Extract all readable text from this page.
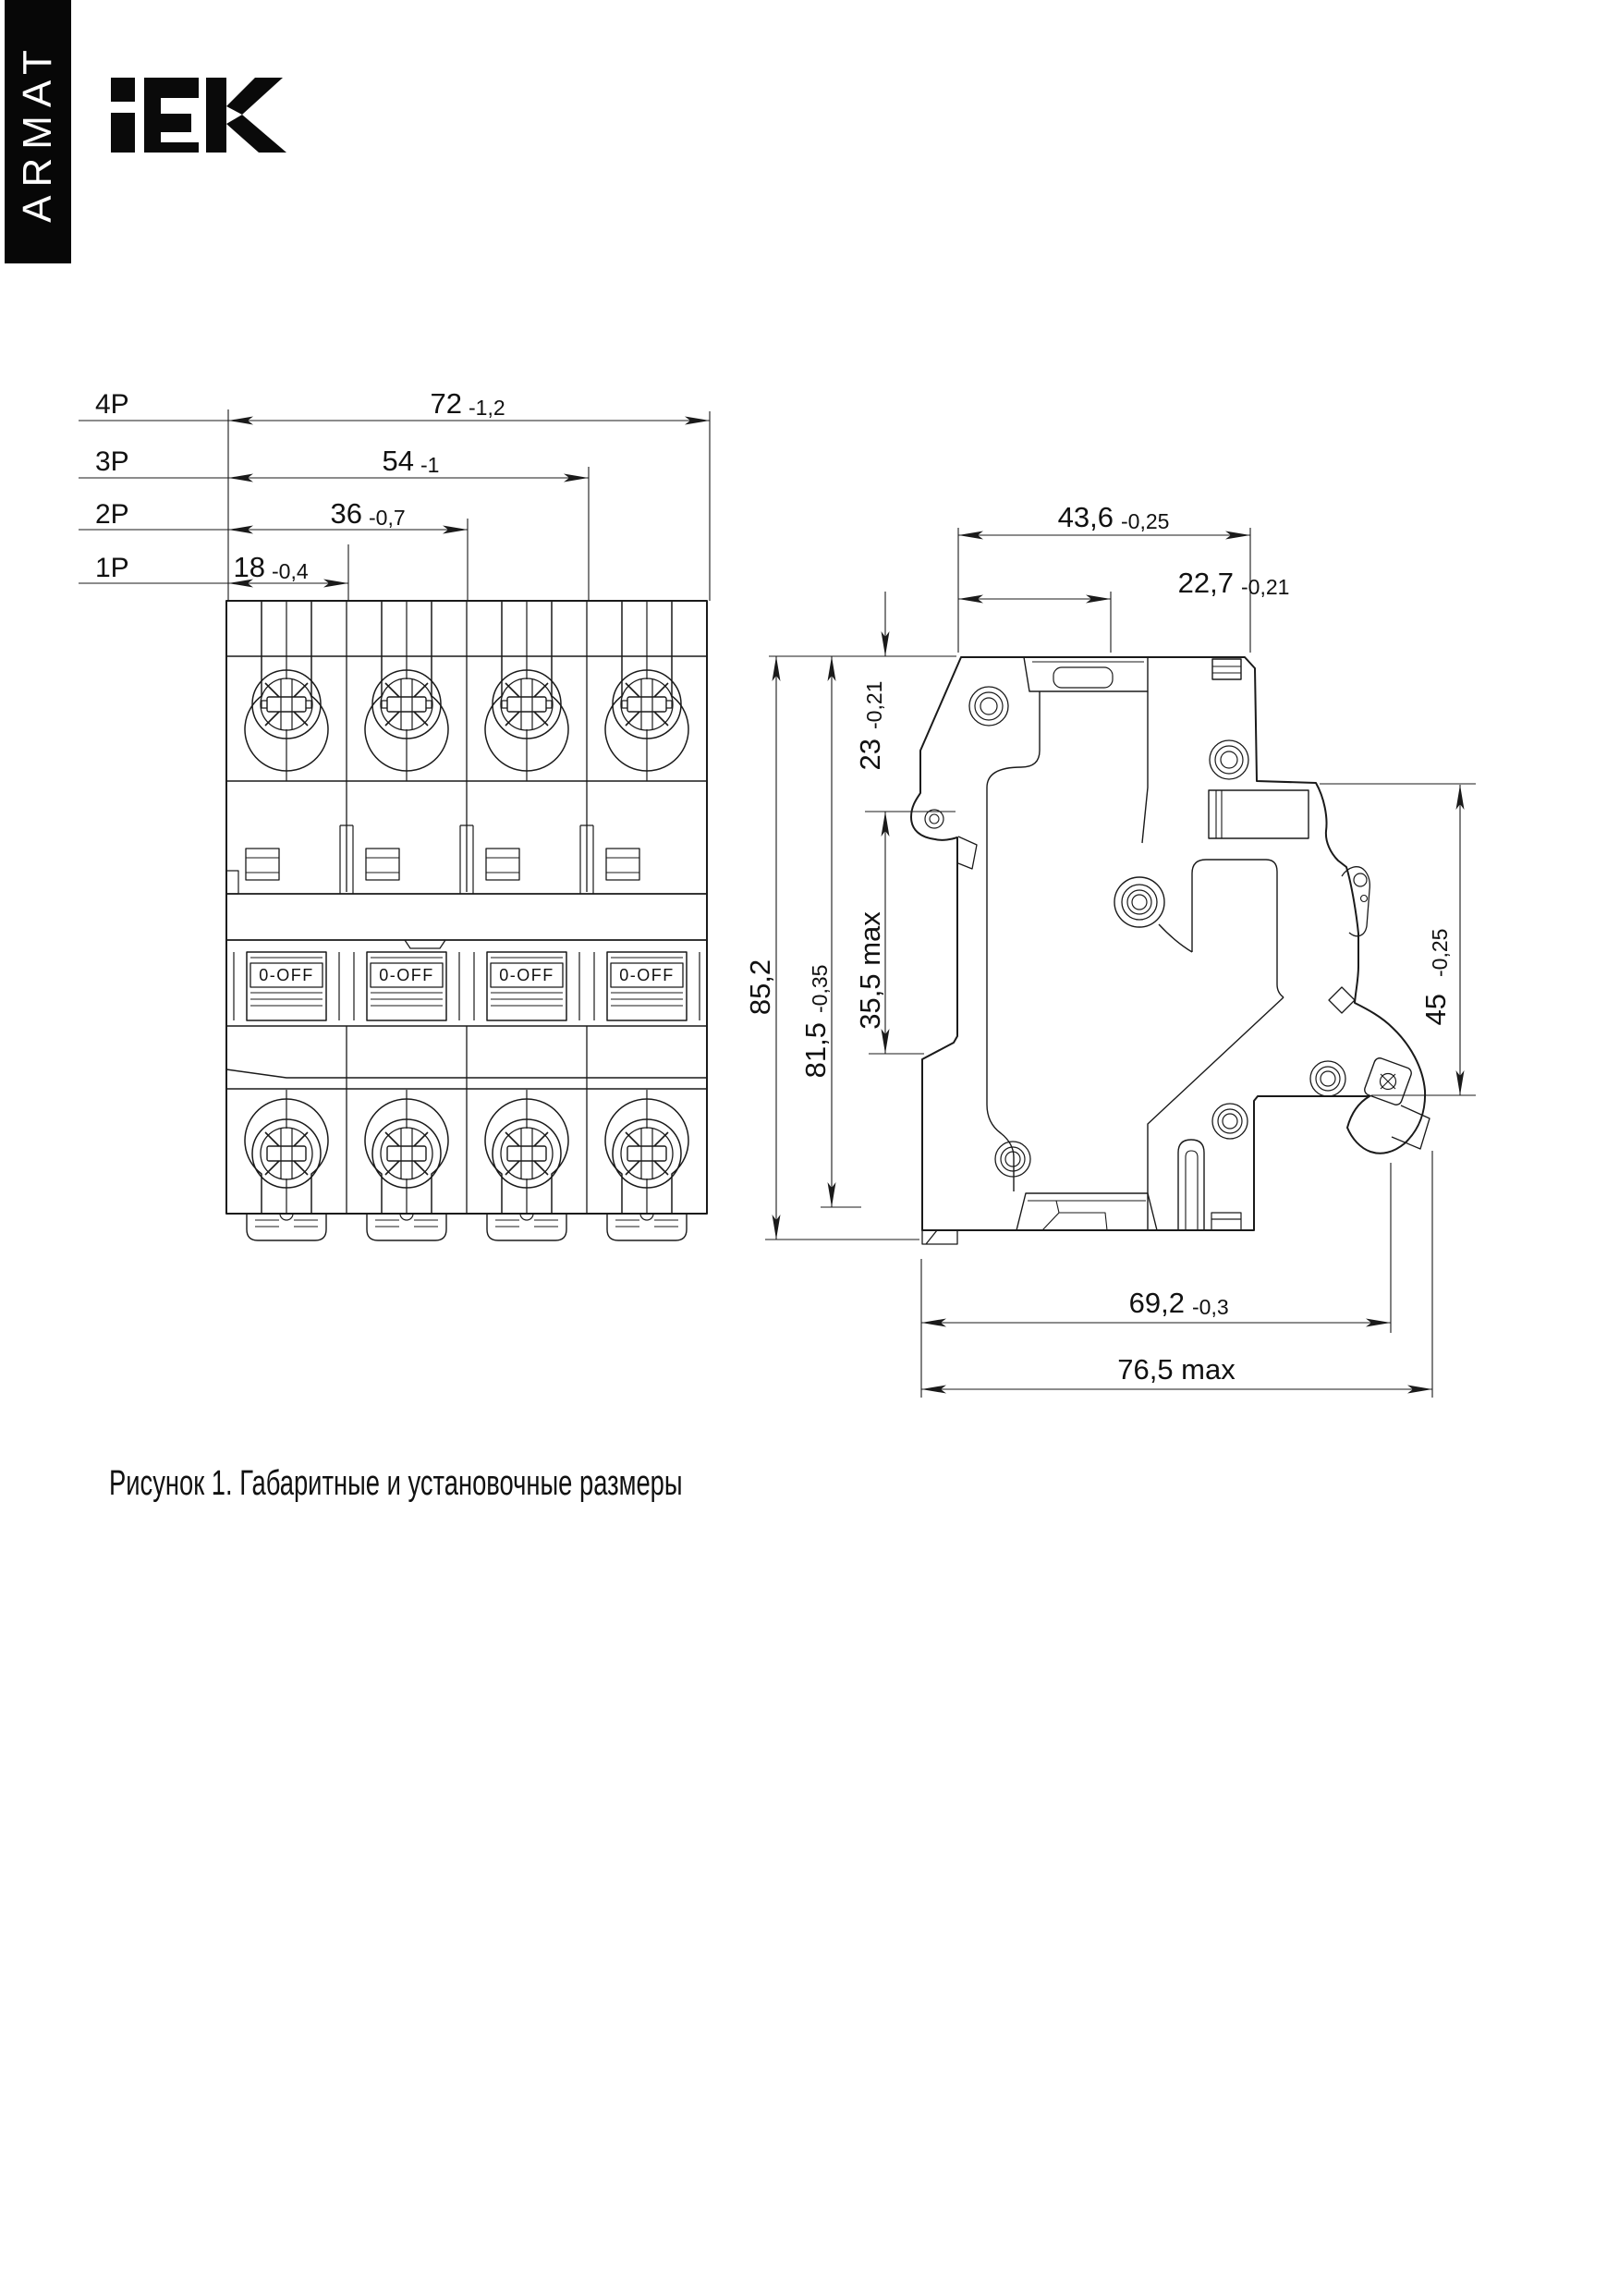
ARMAT
4P
3P
2P
1P
72 -1,2
54 -1
36 -0,7
18 -0,4
0-OFF	0-OFF	0-OFF	0-OFF
43,6 -0,25
22,7 -0,21
69,2 -0,3
76,5 max
23
-0,21
35,5 max
81,5
-0,35
85,2	45
-0,25
Рисунок 1. Габаритные и установочные размеры
